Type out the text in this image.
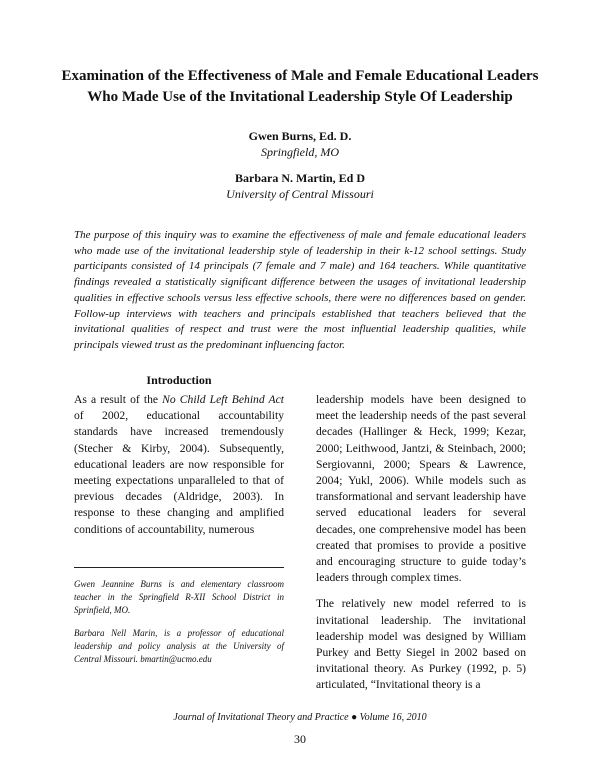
Examination of the Effectiveness of Male and Female Educational Leaders
Who Made Use of the Invitational Leadership Style Of Leadership
Gwen Burns, Ed. D.
Springfield, MO
Barbara N. Martin, Ed D
University of Central Missouri
The purpose of this inquiry was to examine the effectiveness of male and female educational leaders who made use of the invitational leadership style of leadership in their k-12 school settings. Study participants consisted of 14 principals (7 female and 7 male) and 164 teachers. While quantitative findings revealed a statistically significant difference between the usages of invitational leadership qualities in effective schools versus less effective schools, there were no differences based on gender. Follow-up interviews with teachers and principals established that teachers believed that the invitational qualities of respect and trust were the most influential leadership qualities, while principals viewed trust as the predominant influencing factor.
Introduction

As a result of the No Child Left Behind Act of 2002, educational accountability standards have increased tremendously (Stecher & Kirby, 2004). Subsequently, educational leaders are now responsible for meeting expectations unparalleled to that of previous decades (Aldridge, 2003). In response to these changing and amplified conditions of accountability, numerous

Gwen Jeannine Burns is and elementary classroom teacher in the Springfield R-XII School District in Sprinfield, MO.

Barbara Nell Marin, is a professor of educational leadership and policy analysis at the University of Central Missouri. bmartin@ucmo.edu

leadership models have been designed to meet the leadership needs of the past several decades (Hallinger & Heck, 1999; Kezar, 2000; Leithwood, Jantzi, & Steinbach, 2000; Sergiovanni, 2000; Spears & Lawrence, 2004; Yukl, 2006). While models such as transformational and servant leadership have served educational leaders for several decades, one comprehensive model has been created that promises to provide a positive and encouraging structure to guide today’s leaders through complex times.

The relatively new model referred to is invitational leadership. The invitational leadership model was designed by William Purkey and Betty Siegel in 2002 based on invitational theory. As Purkey (1992, p. 5) articulated, “Invitational theory is a

Journal of Invitational Theory and Practice ● Volume 16, 2010
30
